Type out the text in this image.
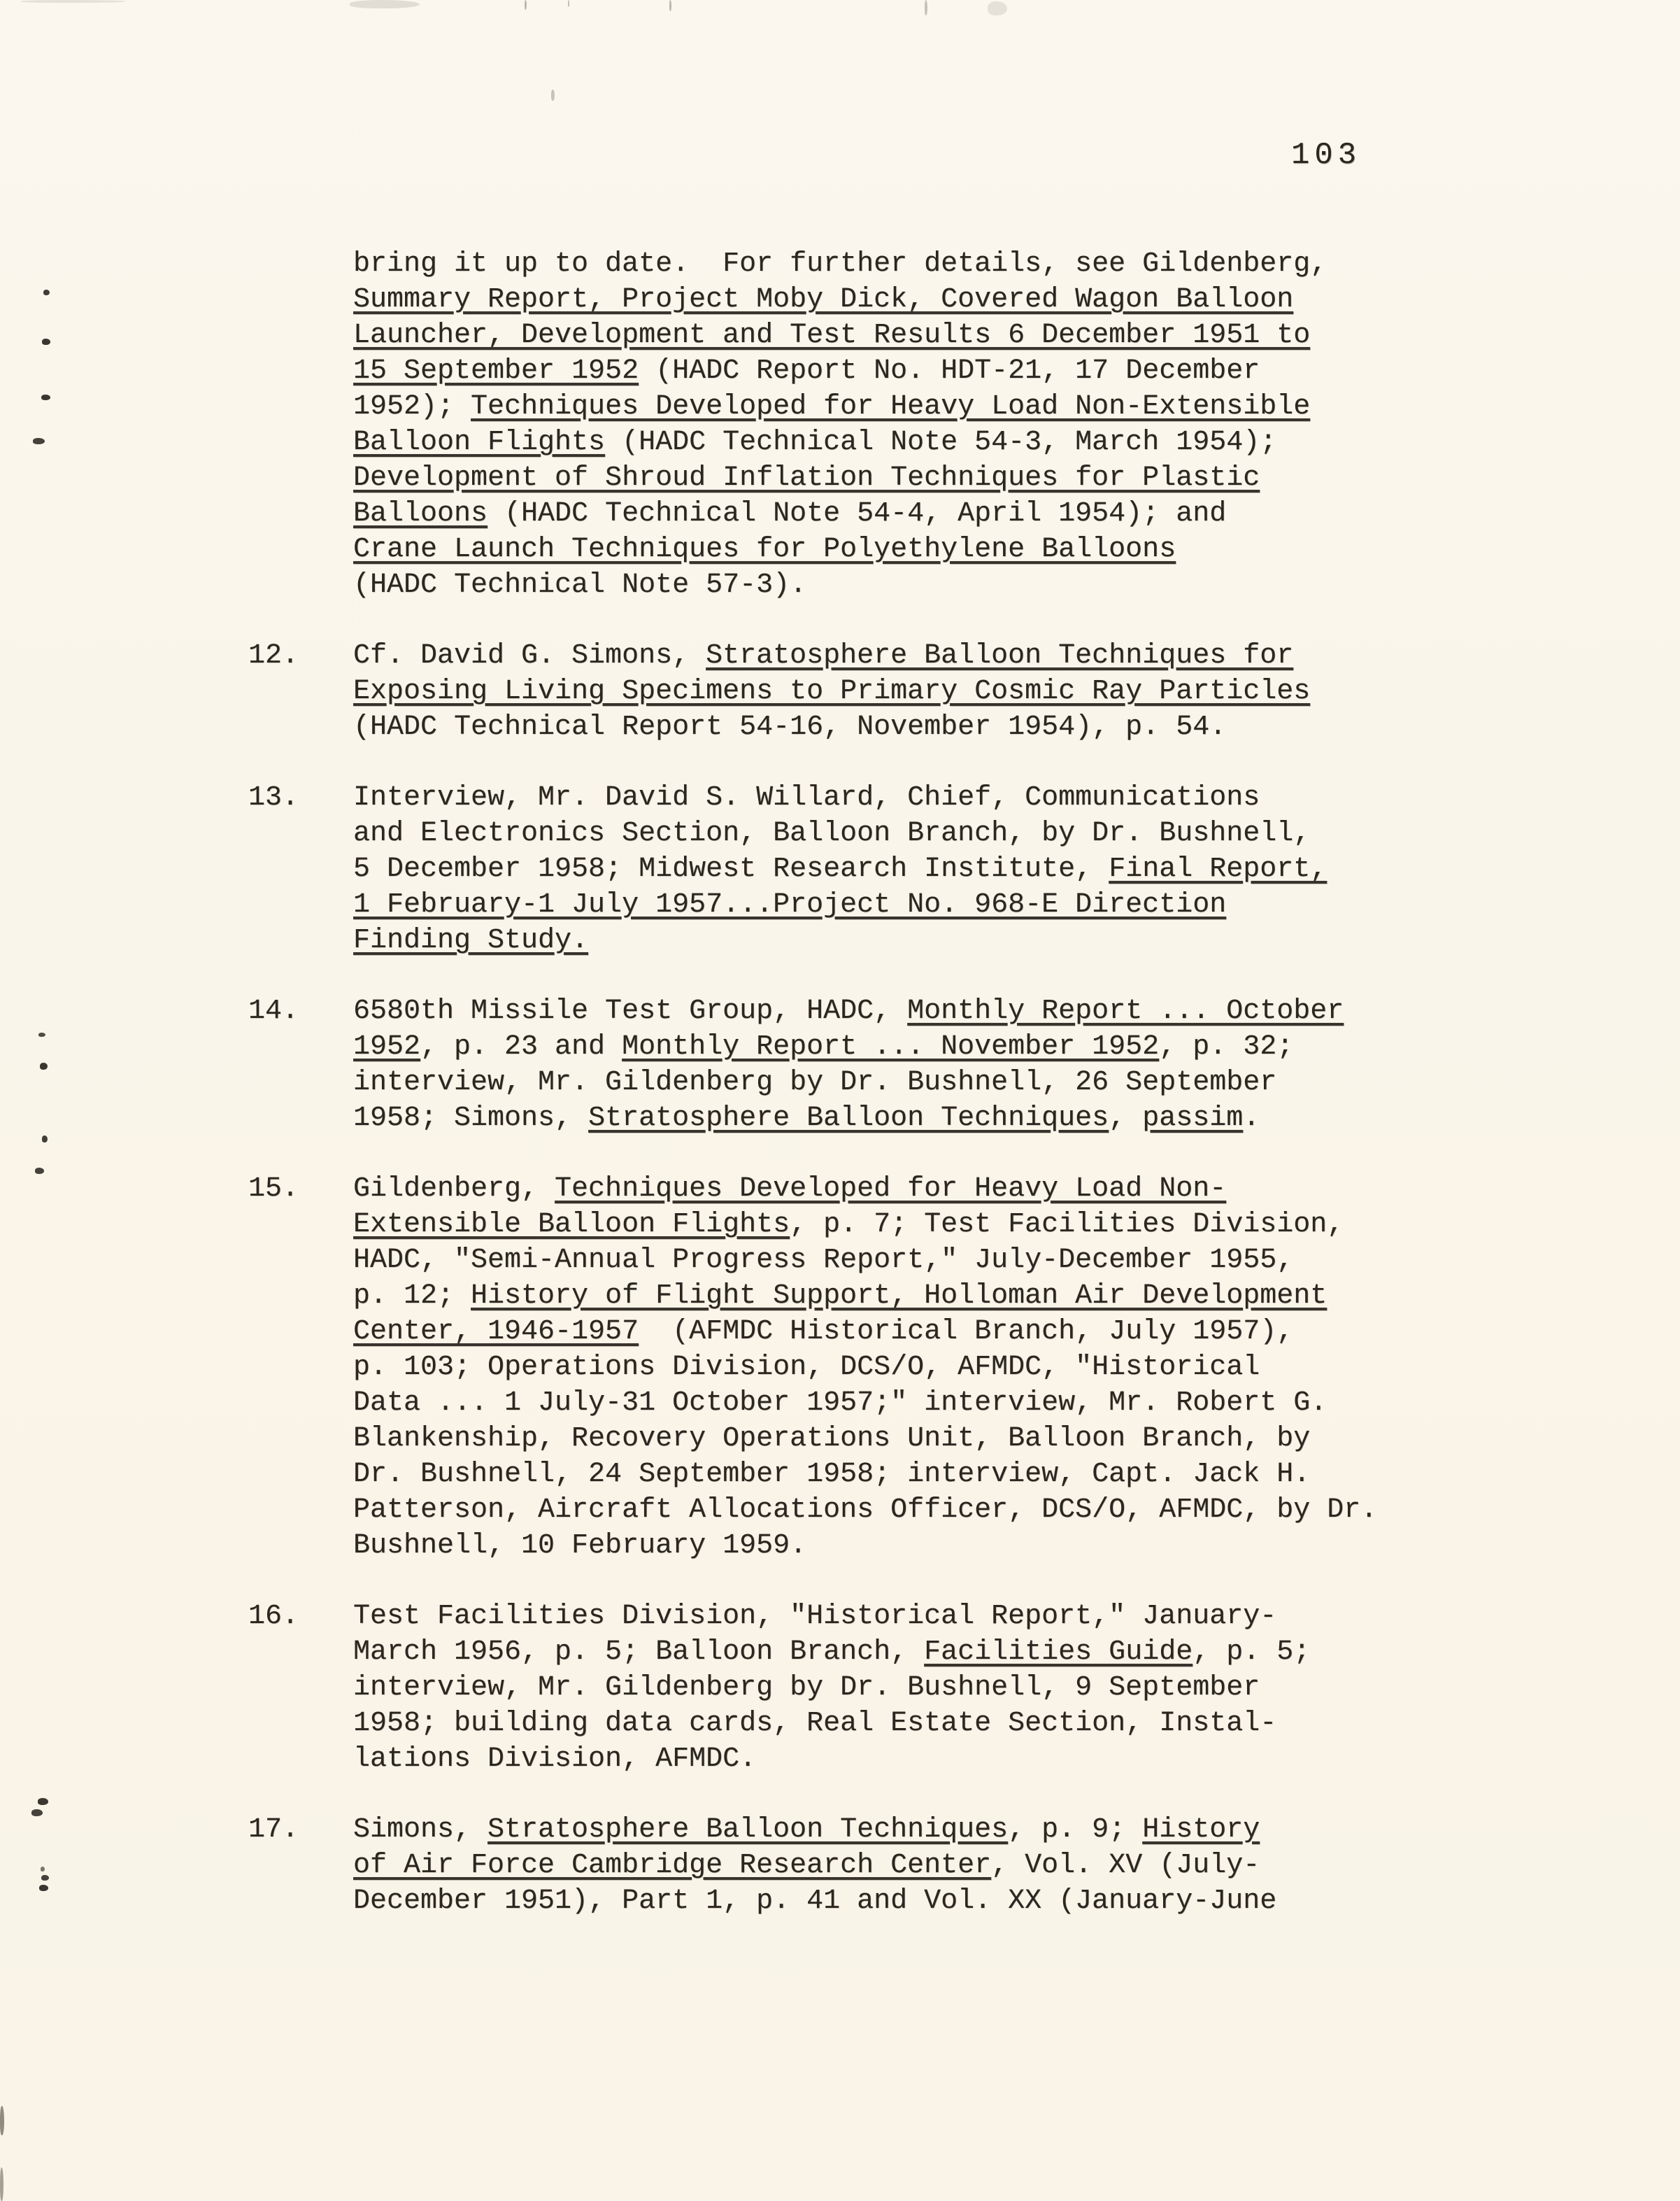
103
bring it up to date.  For further details, see Gildenberg,
Summary Report, Project Moby Dick, Covered Wagon Balloon
Launcher, Development and Test Results 6 December 1951 to
15 September 1952 (HADC Report No. HDT-21, 17 December
1952); Techniques Developed for Heavy Load Non-Extensible
Balloon Flights (HADC Technical Note 54-3, March 1954);
Development of Shroud Inflation Techniques for Plastic
Balloons (HADC Technical Note 54-4, April 1954); and
Crane Launch Techniques for Polyethylene Balloons
(HADC Technical Note 57-3).
12.	Cf. David G. Simons, Stratosphere Balloon Techniques for
Exposing Living Specimens to Primary Cosmic Ray Particles
(HADC Technical Report 54-16, November 1954), p. 54.
13.	Interview, Mr. David S. Willard, Chief, Communications
and Electronics Section, Balloon Branch, by Dr. Bushnell,
5 December 1958; Midwest Research Institute, Final Report,
1 February-1 July 1957...Project No. 968-E Direction
Finding Study.
14.	6580th Missile Test Group, HADC, Monthly Report ... October
1952, p. 23 and Monthly Report ... November 1952, p. 32;
interview, Mr. Gildenberg by Dr. Bushnell, 26 September
1958; Simons, Stratosphere Balloon Techniques, passim.
15.	Gildenberg, Techniques Developed for Heavy Load Non-
Extensible Balloon Flights, p. 7; Test Facilities Division,
HADC, "Semi-Annual Progress Report," July-December 1955,
p. 12; History of Flight Support, Holloman Air Development
Center, 1946-1957  (AFMDC Historical Branch, July 1957),
p. 103; Operations Division, DCS/O, AFMDC, "Historical
Data ... 1 July-31 October 1957;" interview, Mr. Robert G.
Blankenship, Recovery Operations Unit, Balloon Branch, by
Dr. Bushnell, 24 September 1958; interview, Capt. Jack H.
Patterson, Aircraft Allocations Officer, DCS/O, AFMDC, by Dr.
Bushnell, 10 February 1959.
16.	Test Facilities Division, "Historical Report," January-
March 1956, p. 5; Balloon Branch, Facilities Guide, p. 5;
interview, Mr. Gildenberg by Dr. Bushnell, 9 September
1958; building data cards, Real Estate Section, Instal-
lations Division, AFMDC.
17.	Simons, Stratosphere Balloon Techniques, p. 9; History
of Air Force Cambridge Research Center, Vol. XV (July-
December 1951), Part 1, p. 41 and Vol. XX (January-June
